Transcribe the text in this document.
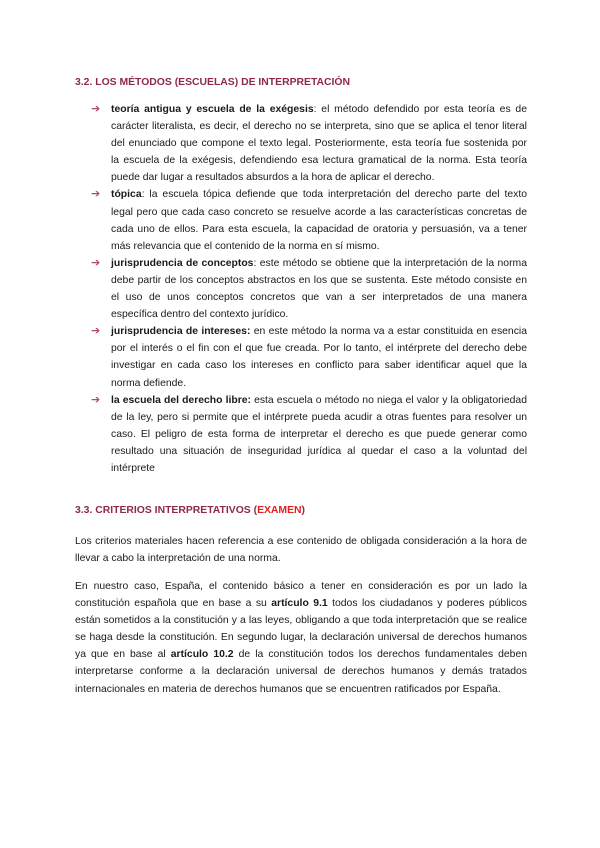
3.2. LOS MÉTODOS (ESCUELAS) DE INTERPRETACIÓN
➔ teoría antigua y escuela de la exégesis: el método defendido por esta teoría es de carácter literalista, es decir, el derecho no se interpreta, sino que se aplica el tenor literal del enunciado que compone el texto legal. Posteriormente, esta teoría fue sostenida por la escuela de la exégesis, defendiendo esa lectura gramatical de la norma. Esta teoría puede dar lugar a resultados absurdos a la hora de aplicar el derecho.

➔ tópica: la escuela tópica defiende que toda interpretación del derecho parte del texto legal pero que cada caso concreto se resuelve acorde a las características concretas de cada uno de ellos. Para esta escuela, la capacidad de oratoria y persuasión, va a tener más relevancia que el contenido de la norma en sí mismo.

➔ jurisprudencia de conceptos: este método se obtiene que la interpretación de la norma debe partir de los conceptos abstractos en los que se sustenta. Este método consiste en el uso de unos conceptos concretos que van a ser interpretados de una manera específica dentro del contexto jurídico.

➔ jurisprudencia de intereses: en este método la norma va a estar constituida en esencia por el interés o el fin con el que fue creada. Por lo tanto, el intérprete del derecho debe investigar en cada caso los intereses en conflicto para saber identificar aquel que la norma defiende.

➔ la escuela del derecho libre: esta escuela o método no niega el valor y la obligatoriedad de la ley, pero si permite que el intérprete pueda acudir a otras fuentes para resolver un caso. El peligro de esta forma de interpretar el derecho es que puede generar como resultado una situación de inseguridad jurídica al quedar el caso a la voluntad del intérprete

3.3. CRITERIOS INTERPRETATIVOS (EXAMEN)

Los criterios materiales hacen referencia a ese contenido de obligada consideración a la hora de llevar a cabo la interpretación de una norma.

En nuestro caso, España, el contenido básico a tener en consideración es por un lado la constitución española que en base a su artículo 9.1 todos los ciudadanos y poderes públicos están sometidos a la constitución y a las leyes, obligando a que toda interpretación que se realice se haga desde la constitución. En segundo lugar, la declaración universal de derechos humanos ya que en base al artículo 10.2 de la constitución todos los derechos fundamentales deben interpretarse conforme a la declaración universal de derechos humanos y demás tratados internacionales en materia de derechos humanos que se encuentren ratificados por España.
